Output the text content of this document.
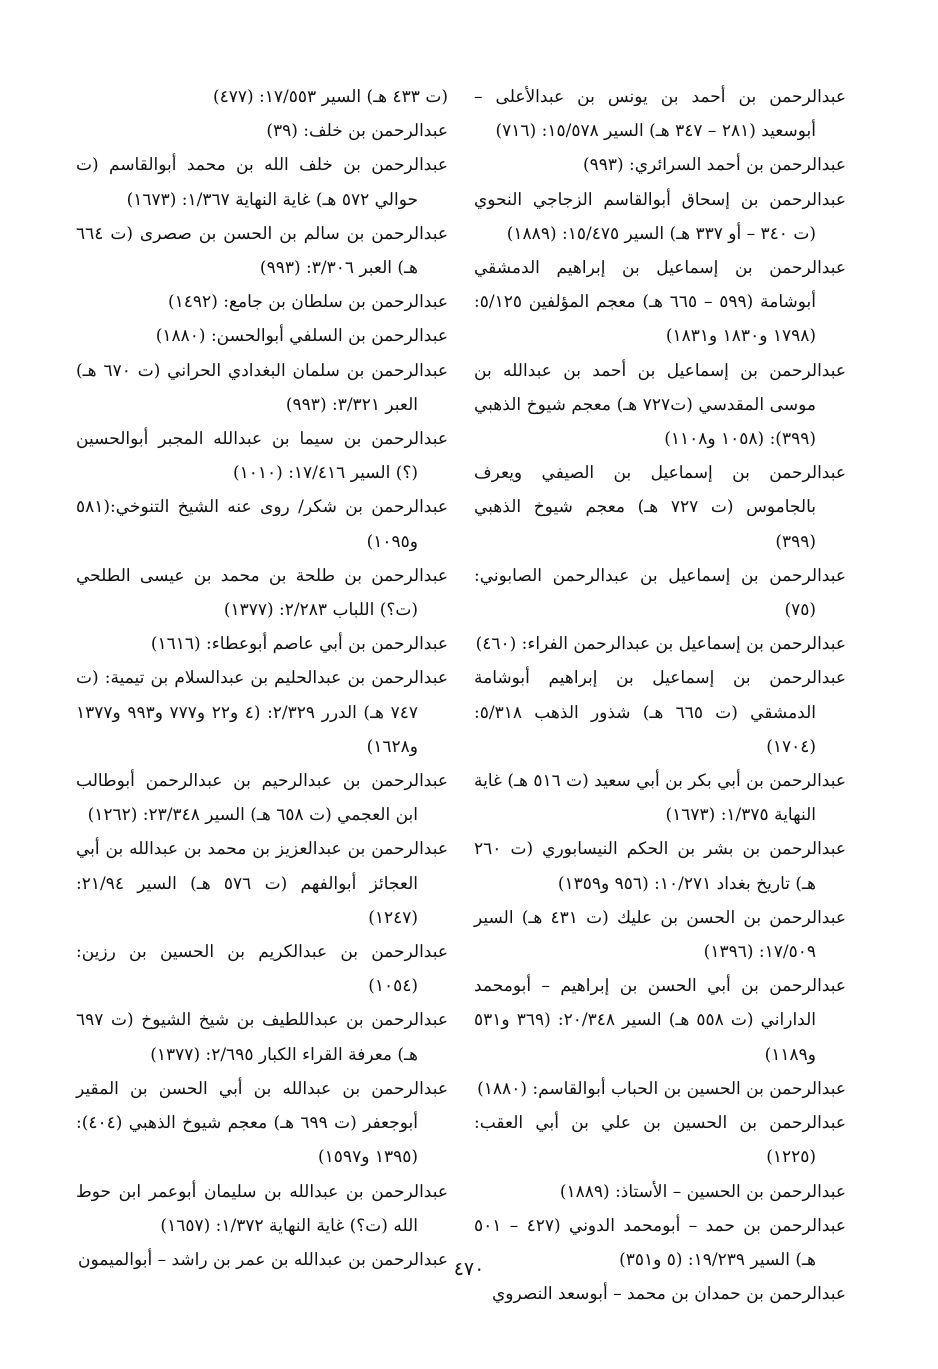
عبدالرحمن بن أحمد بن يونس بن عبدالأعلى – أبوسعيد (٢٨١ – ٣٤٧ هـ) السير ١٥/٥٧٨: (٧١٦)

عبدالرحمن بن أحمد السرائري: (٩٩٣)

عبدالرحمن بن إسحاق أبوالقاسم الزجاجي النحوي (ت ٣٤٠ – أو ٣٣٧ هـ) السير ١٥/٤٧٥: (١٨٨٩)

عبدالرحمن بن إسماعيل بن إبراهيم الدمشقي أبوشامة (٥٩٩ – ٦٦٥ هـ) معجم المؤلفين ٥/١٢٥: (١٧٩٨ و١٨٣٠ و١٨٣١)

عبدالرحمن بن إسماعيل بن أحمد بن عبدالله بن موسى المقدسي (ت٧٢٧ هـ) معجم شيوخ الذهبي (٣٩٩): (١٠٥٨ و١١٠٨)

عبدالرحمن بن إسماعيل بن الصيفي ويعرف بالجاموس (ت ٧٢٧ هـ) معجم شيوخ الذهبي (٣٩٩)

عبدالرحمن بن إسماعيل بن عبدالرحمن الصابوني: (٧٥)

عبدالرحمن بن إسماعيل بن عبدالرحمن الفراء: (٤٦٠)

عبدالرحمن بن إسماعيل بن إبراهيم أبوشامة الدمشقي (ت ٦٦٥ هـ) شذور الذهب ٥/٣١٨: (١٧٠٤)

عبدالرحمن بن أبي بكر بن أبي سعيد (ت ٥١٦ هـ) غاية النهاية ١/٣٧٥: (١٦٧٣)

عبدالرحمن بن بشر بن الحكم النيسابوري (ت ٢٦٠ هـ) تاريخ بغداد ١٠/٢٧١: (٩٥٦ و١٣٥٩)

عبدالرحمن بن الحسن بن عليك (ت ٤٣١ هـ) السير ١٧/٥٠٩: (١٣٩٦)

عبدالرحمن بن أبي الحسن بن إبراهيم – أبومحمد الداراني (ت ٥٥٨ هـ) السير ٢٠/٣٤٨: (٣٦٩ و٥٣١ و١١٨٩)

عبدالرحمن بن الحسين بن الحباب أبوالقاسم: (١٨٨٠)

عبدالرحمن بن الحسين بن علي بن أبي العقب: (١٢٢٥)

عبدالرحمن بن الحسين – الأستاذ: (١٨٨٩)

عبدالرحمن بن حمد – أبومحمد الدوني (٤٢٧ – ٥٠١ هـ) السير ١٩/٢٣٩: (٥ و٣٥١)

عبدالرحمن بن حمدان بن محمد – أبوسعد النصروي

(ت ٤٣٣ هـ) السير ١٧/٥٥٣: (٤٧٧)

عبدالرحمن بن خلف: (٣٩)

عبدالرحمن بن خلف الله بن محمد أبوالقاسم (ت حوالي ٥٧٢ هـ) غاية النهاية ١/٣٦٧: (١٦٧٣)

عبدالرحمن بن سالم بن الحسن بن صصرى (ت ٦٦٤ هـ) العبر ٣/٣٠٦: (٩٩٣)

عبدالرحمن بن سلطان بن جامع: (١٤٩٢)

عبدالرحمن بن السلفي أبوالحسن: (١٨٨٠)

عبدالرحمن بن سلمان البغدادي الحراني (ت ٦٧٠ هـ) العبر ٣/٣٢١: (٩٩٣)

عبدالرحمن بن سيما بن عبدالله المجبر أبوالحسين (؟) السير ١٧/٤١٦: (١٠١٠)

عبدالرحمن بن شكر/ روى عنه الشيخ التنوخي:(٥٨١ و١٠٩٥)

عبدالرحمن بن طلحة بن محمد بن عيسى الطلحي (ت؟) اللباب ٢/٢٨٣: (١٣٧٧)

عبدالرحمن بن أبي عاصم أبوعطاء: (١٦١٦)

عبدالرحمن بن عبدالحليم بن عبدالسلام بن تيمية: (ت ٧٤٧ هـ) الدرر ٢/٣٢٩: (٤ و٢٢ و٧٧٧ و٩٩٣ و١٣٧٧ و١٦٢٨)

عبدالرحمن بن عبدالرحيم بن عبدالرحمن أبوطالب ابن العجمي (ت ٦٥٨ هـ) السير ٢٣/٣٤٨: (١٢٦٢)

عبدالرحمن بن عبدالعزيز بن محمد بن عبدالله بن أبي العجائز أبوالفهم (ت ٥٧٦ هـ) السير ٢١/٩٤: (١٢٤٧)

عبدالرحمن بن عبدالكريم بن الحسين بن رزين: (١٠٥٤)

عبدالرحمن بن عبداللطيف بن شيخ الشيوخ (ت ٦٩٧ هـ) معرفة القراء الكبار ٢/٦٩٥: (١٣٧٧)

عبدالرحمن بن عبدالله بن أبي الحسن بن المقير أبوجعفر (ت ٦٩٩ هـ) معجم شيوخ الذهبي (٤٠٤): (١٣٩٥ و١٥٩٧)

عبدالرحمن بن عبدالله بن سليمان أبوعمر ابن حوط الله (ت؟) غاية النهاية ١/٣٧٢: (١٦٥٧)

عبدالرحمن بن عبدالله بن عمر بن راشد – أبوالميمون ٤٧٠
